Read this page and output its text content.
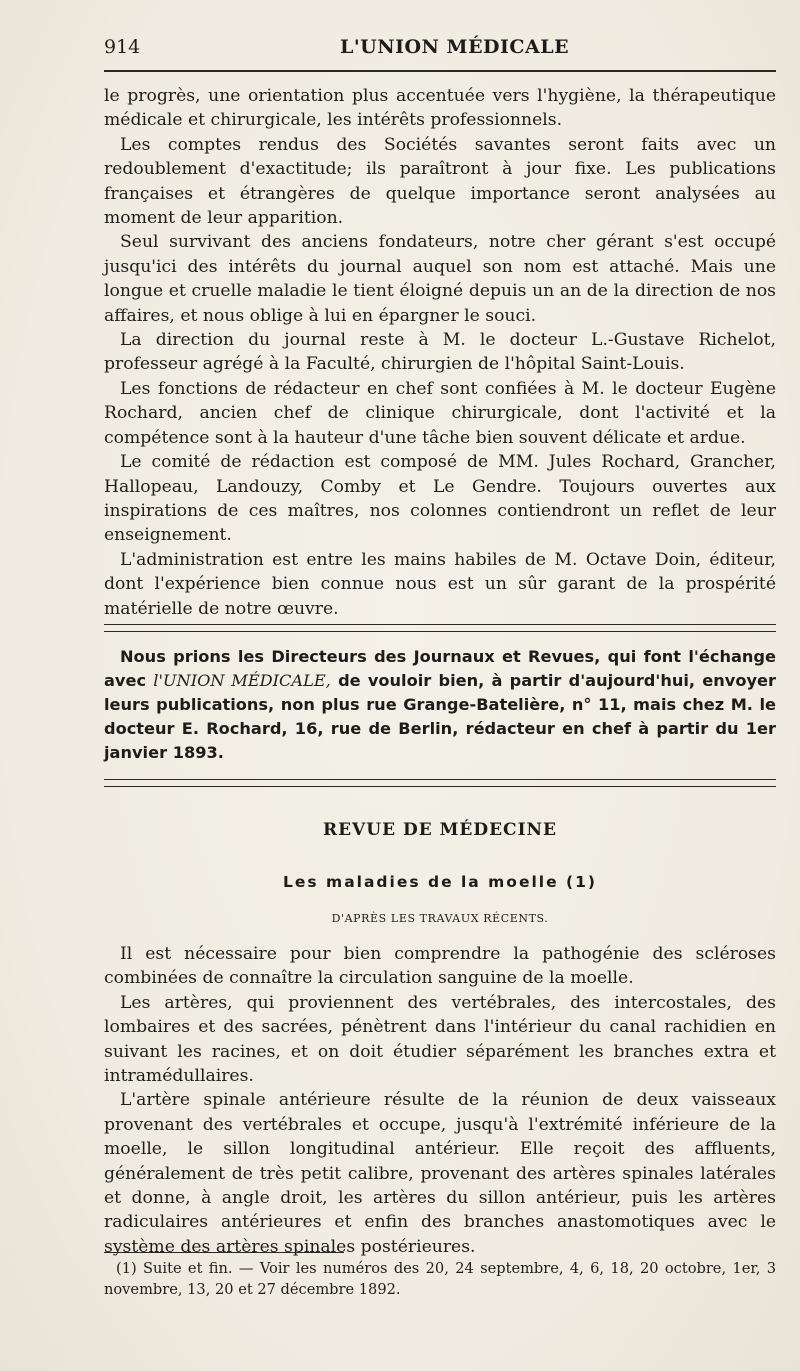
914	L'UNION MÉDICALE

le progrès, une orientation plus accentuée vers l'hygiène, la thérapeutique médicale et chirurgicale, les intérêts professionnels.

Les comptes rendus des Sociétés savantes seront faits avec un redoublement d'exactitude; ils paraîtront à jour fixe. Les publications françaises et étrangères de quelque importance seront analysées au moment de leur apparition.

Seul survivant des anciens fondateurs, notre cher gérant s'est occupé jusqu'ici des intérêts du journal auquel son nom est attaché. Mais une longue et cruelle maladie le tient éloigné depuis un an de la direction de nos affaires, et nous oblige à lui en épargner le souci.

La direction du journal reste à M. le docteur L.-Gustave Richelot, professeur agrégé à la Faculté, chirurgien de l'hôpital Saint-Louis.

Les fonctions de rédacteur en chef sont confiées à M. le docteur Eugène Rochard, ancien chef de clinique chirurgicale, dont l'activité et la compétence sont à la hauteur d'une tâche bien souvent délicate et ardue.

Le comité de rédaction est composé de MM. Jules Rochard, Grancher, Hallopeau, Landouzy, Comby et Le Gendre. Toujours ouvertes aux inspirations de ces maîtres, nos colonnes contiendront un reflet de leur enseignement.

L'administration est entre les mains habiles de M. Octave Doin, éditeur, dont l'expérience bien connue nous est un sûr garant de la prospérité matérielle de notre œuvre.

Nous prions les Directeurs des Journaux et Revues, qui font l'échange avec l'UNION MÉDICALE, de vouloir bien, à partir d'aujourd'hui, envoyer leurs publications, non plus rue Grange-Batelière, n° 11, mais chez M. le docteur E. Rochard, 16, rue de Berlin, rédacteur en chef à partir du 1er janvier 1893.

REVUE DE MÉDECINE
Les maladies de la moelle (1)
D'APRÈS LES TRAVAUX RÉCENTS.

Il est nécessaire pour bien comprendre la pathogénie des scléroses combinées de connaître la circulation sanguine de la moelle.

Les artères, qui proviennent des vertébrales, des intercostales, des lombaires et des sacrées, pénètrent dans l'intérieur du canal rachidien en suivant les racines, et on doit étudier séparément les branches extra et intramédullaires.

L'artère spinale antérieure résulte de la réunion de deux vaisseaux provenant des vertébrales et occupe, jusqu'à l'extrémité inférieure de la moelle, le sillon longitudinal antérieur. Elle reçoit des affluents, généralement de très petit calibre, provenant des artères spinales latérales et donne, à angle droit, les artères du sillon antérieur, puis les artères radiculaires antérieures et enfin des branches anastomotiques avec le système des artères spinales postérieures.

(1) Suite et fin. — Voir les numéros des 20, 24 septembre, 4, 6, 18, 20 octobre, 1er, 3 novembre, 13, 20 et 27 décembre 1892.
